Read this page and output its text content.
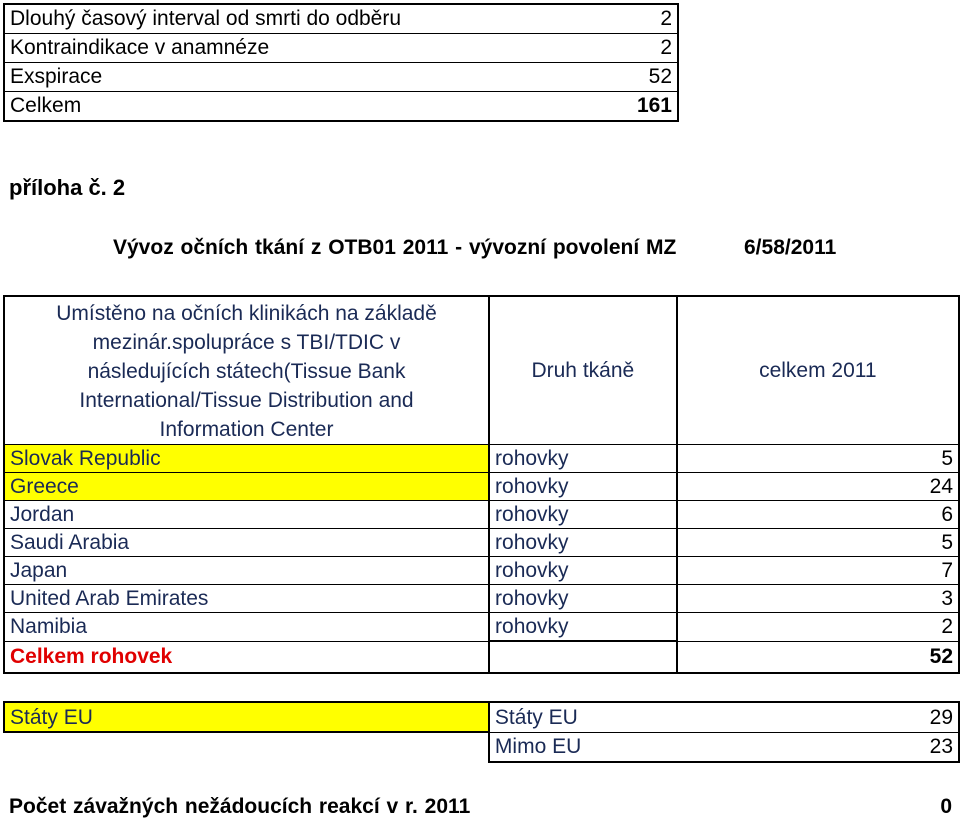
Dlouhý časový interval od smrti do odběru	2
Kontraindikace v anamnéze	2
Exspirace	52
Celkem	161
příloha č. 2
Vývoz očních tkání z OTB01 2011 - vývozní povolení MZ	6/58/2011
Umístěno na očních klinikách na základě
mezinár.spolupráce s TBI/TDIC v
následujících státech(Tissue Bank
International/Tissue Distribution and
Information Center	Druh tkáně	celkem 2011
Slovak Republic	rohovky	5
Greece	rohovky	24
Jordan	rohovky	6
Saudi Arabia	rohovky	5
Japan	rohovky	7
United Arab Emirates	rohovky	3
Namibia	rohovky	2
Celkem rohovek		52
Státy EU	Státy EU	29
	Mimo EU	23
Počet závažných nežádoucích reakcí v r. 2011	0
